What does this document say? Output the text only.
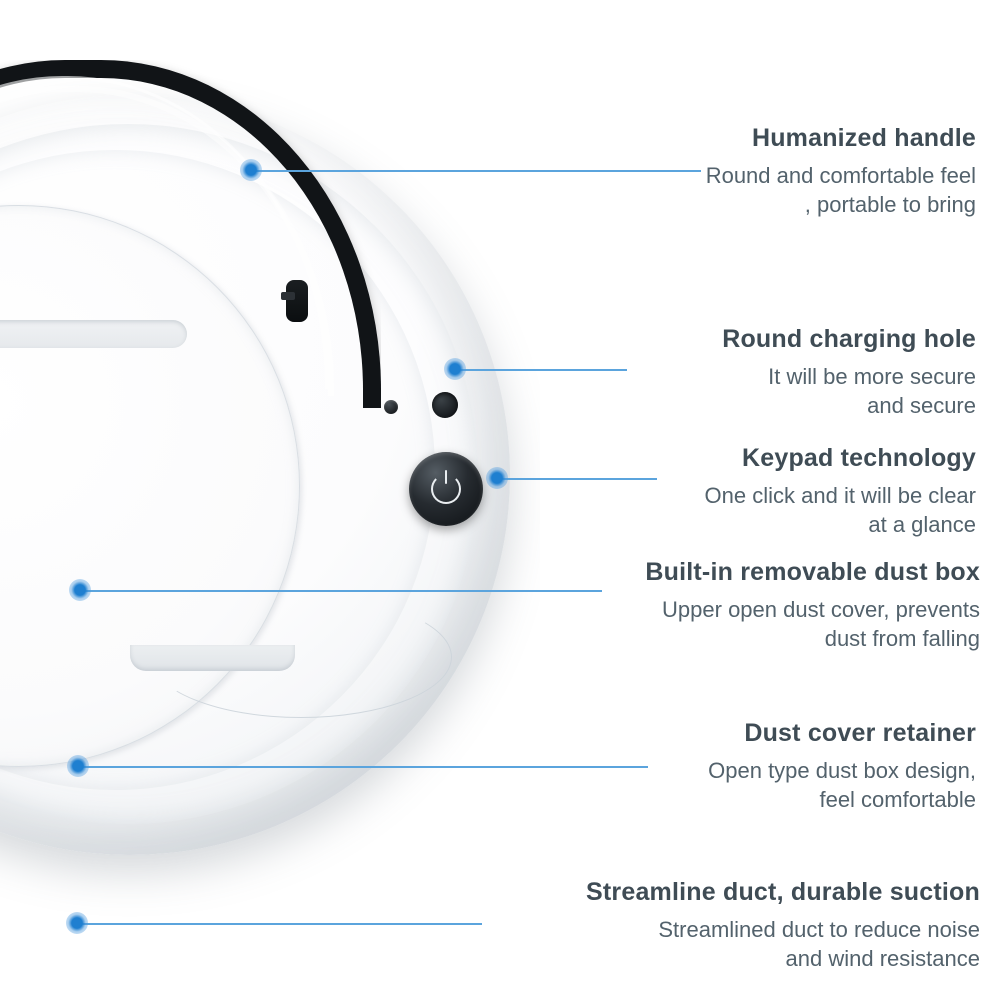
Humanized handle
Round and comfortable feel
, portable to bring
Round charging hole
It will be more secure
and secure
Keypad technology
One click and it will be clear
at a glance
Built-in removable dust box
Upper open dust cover, prevents
dust from falling
Dust cover retainer
Open type dust box design,
feel comfortable
Streamline duct, durable suction
Streamlined duct to reduce noise
and wind resistance
